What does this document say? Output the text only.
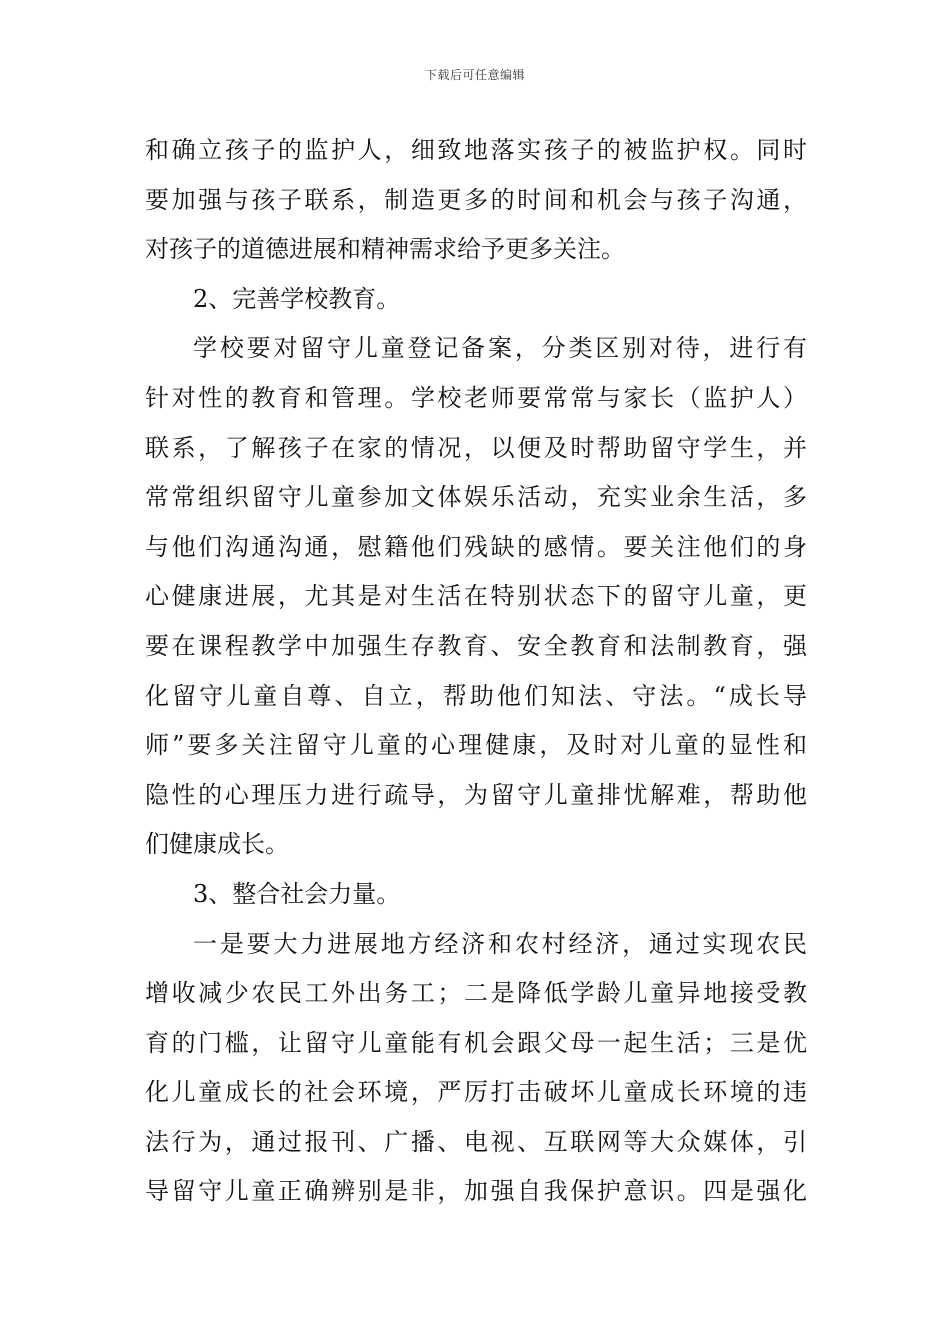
下载后可任意编辑
和确立孩子的监护人，细致地落实孩子的被监护权。同时
要加强与孩子联系，制造更多的时间和机会与孩子沟通，
对孩子的道德进展和精神需求给予更多关注。
2、完善学校教育。
学校要对留守儿童登记备案，分类区别对待，进行有
针对性的教育和管理。学校老师要常常与家长（监护人）
联系，了解孩子在家的情况，以便及时帮助留守学生，并
常常组织留守儿童参加文体娱乐活动，充实业余生活，多
与他们沟通沟通，慰籍他们残缺的感情。要关注他们的身
心健康进展，尤其是对生活在特别状态下的留守儿童，更
要在课程教学中加强生存教育、安全教育和法制教育，强
化留守儿童自尊、自立，帮助他们知法、守法。“成长导
师”要多关注留守儿童的心理健康，及时对儿童的显性和
隐性的心理压力进行疏导，为留守儿童排忧解难，帮助他
们健康成长。
3、整合社会力量。
一是要大力进展地方经济和农村经济，通过实现农民
增收减少农民工外出务工；二是降低学龄儿童异地接受教
育的门槛，让留守儿童能有机会跟父母一起生活；三是优
化儿童成长的社会环境，严厉打击破坏儿童成长环境的违
法行为，通过报刊、广播、电视、互联网等大众媒体，引
导留守儿童正确辨别是非，加强自我保护意识。四是强化
